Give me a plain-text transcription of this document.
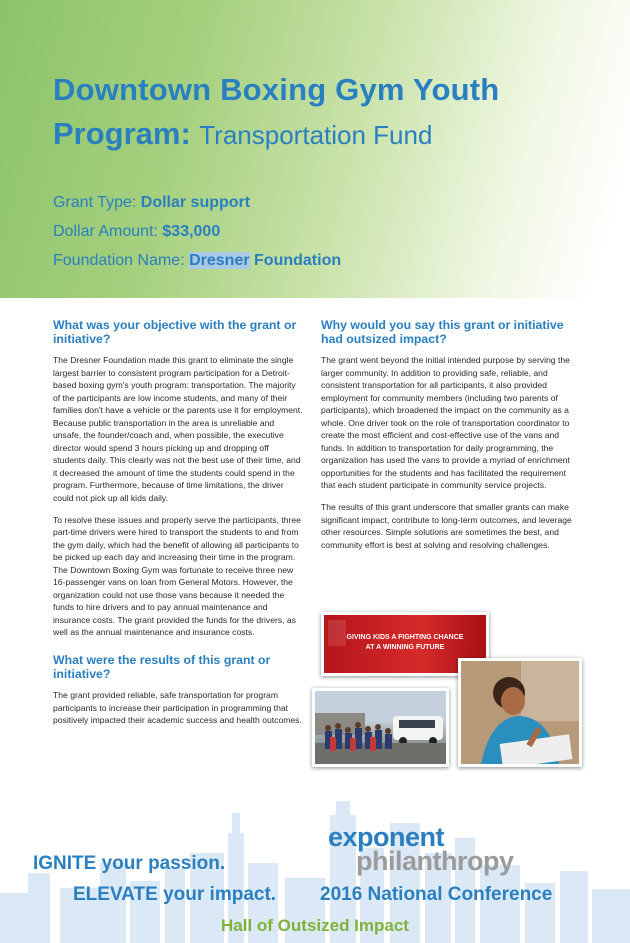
Downtown Boxing Gym Youth
Program: Transportation Fund
Grant Type: Dollar support
Dollar Amount: $33,000
Foundation Name: Dresner Foundation
What was your objective with the grant or initiative?

The Dresner Foundation made this grant to eliminate the single largest barrier to consistent program participation for a Detroit-based boxing gym's youth program: transportation. The majority of the participants are low income students, and many of their families don't have a vehicle or the parents use it for employment. Because public transportation in the area is unreliable and unsafe, the founder/coach and, when possible, the executive director would spend 3 hours picking up and dropping off students daily. This clearly was not the best use of their time, and it decreased the amount of time the students could spend in the program. Furthermore, because of time limitations, the driver could not pick up all kids daily.

To resolve these issues and properly serve the participants, three part-time drivers were hired to transport the students to and from the gym daily, which had the benefit of allowing all participants to be picked up each day and increasing their time in the program. The Downtown Boxing Gym was fortunate to receive three new 16-passenger vans on loan from General Motors. However, the organization could not use those vans because it needed the funds to hire drivers and to pay annual maintenance and insurance costs. The grant provided the funds for the drivers, as well as the annual maintenance and insurance costs.

What were the results of this grant or initiative?

The grant provided reliable, safe transportation for program participants to increase their participation in programming that positively impacted their academic success and health outcomes.

Why would you say this grant or initiative had outsized impact?

The grant went beyond the initial intended purpose by serving the larger community. In addition to providing safe, reliable, and consistent transportation for all participants, it also provided employment for community members (including two parents of participants), which broadened the impact on the community as a whole. One driver took on the role of transportation coordinator to create the most efficient and cost-effective use of the vans and funds. In addition to transportation for daily programming, the organization has used the vans to provide a myriad of enrichment opportunities for the students and has facilitated the requirement that each student participate in community service projects.

The results of this grant underscore that smaller grants can make significant impact, contribute to long-term outcomes, and leverage other resources. Simple solutions are sometimes the best, and community effort is best at solving and resolving challenges.

GIVING KIDS A FIGHTING CHANCE
AT A WINNING FUTURE
IGNITE your passion.
ELEVATE your impact.
exponent
philanthropy
2016 National Conference
Hall of Outsized Impact
